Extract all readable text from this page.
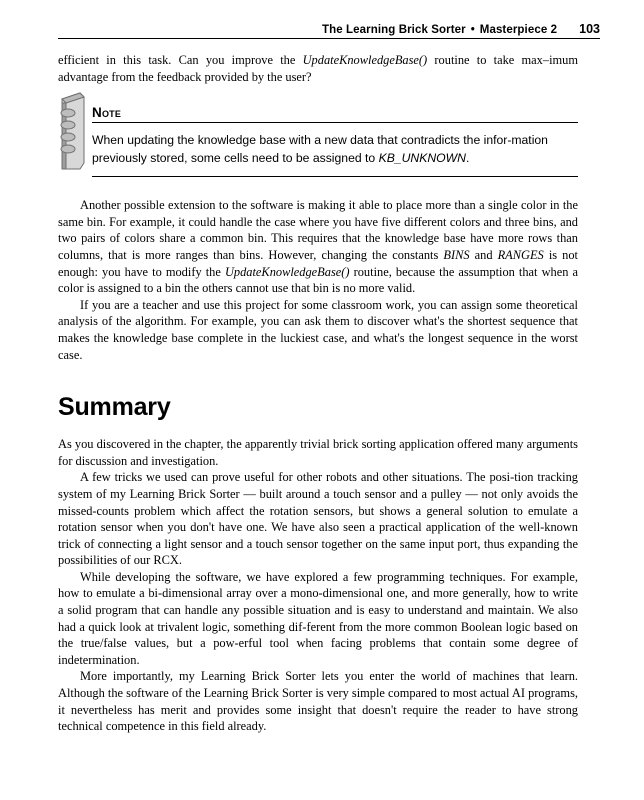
The Learning Brick Sorter • Masterpiece 2 103

efficient in this task. Can you improve the UpdateKnowledgeBase() routine to take max–imum advantage from the feedback provided by the user?

Note
When updating the knowledge base with a new data that contradicts the infor-mation previously stored, some cells need to be assigned to KB_UNKNOWN.

Another possible extension to the software is making it able to place more than a single color in the same bin. For example, it could handle the case where you have five different colors and three bins, and two pairs of colors share a common bin. This requires that the knowledge base have more rows than columns, that is more ranges than bins. However, changing the constants BINS and RANGES is not enough: you have to modify the UpdateKnowledgeBase() routine, because the assumption that when a color is assigned to a bin the others cannot use that bin is no more valid.

If you are a teacher and use this project for some classroom work, you can assign some theoretical analysis of the algorithm. For example, you can ask them to discover what's the shortest sequence that makes the knowledge base complete in the luckiest case, and what's the longest sequence in the worst case.

Summary

As you discovered in the chapter, the apparently trivial brick sorting application offered many arguments for discussion and investigation.

A few tricks we used can prove useful for other robots and other situations. The posi-tion tracking system of my Learning Brick Sorter — built around a touch sensor and a pulley — not only avoids the missed-counts problem which affect the rotation sensors, but shows a general solution to emulate a rotation sensor when you don't have one. We have also seen a practical application of the well-known trick of connecting a light sensor and a touch sensor together on the same input port, thus expanding the possibilities of our RCX.

While developing the software, we have explored a few programming techniques. For example, how to emulate a bi-dimensional array over a mono-dimensional one, and more generally, how to write a solid program that can handle any possible situation and is easy to understand and maintain. We also had a quick look at trivalent logic, something dif-ferent from the more common Boolean logic based on the true/false values, but a pow-erful tool when facing problems that contain some degree of indetermination.

More importantly, my Learning Brick Sorter lets you enter the world of machines that learn. Although the software of the Learning Brick Sorter is very simple compared to most actual AI programs, it nevertheless has merit and provides some insight that doesn't require the reader to have strong technical competence in this field already.
